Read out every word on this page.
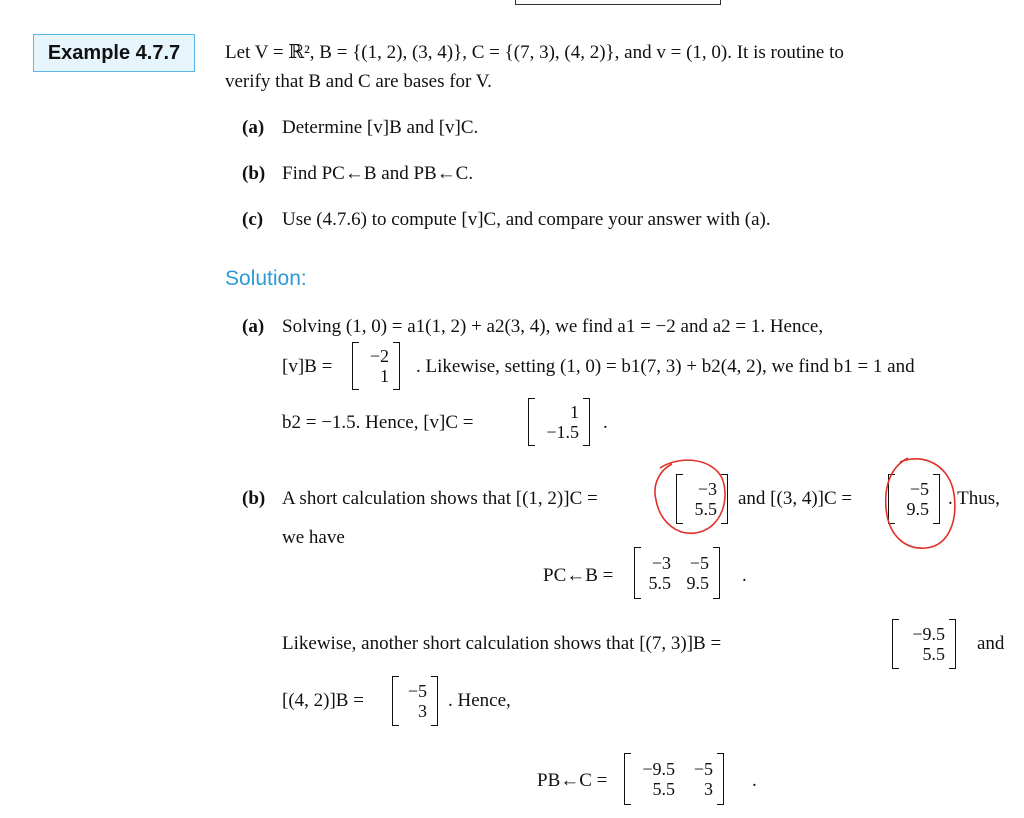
Example 4.7.7	Let V = ℝ², B = {(1, 2), (3, 4)}, C = {(7, 3), (4, 2)}, and v = (1, 0). It is routine to
verify that B and C are bases for V.
(a) Determine [v]B and [v]C.
(b) Find PC←B and PB←C.
(c) Use (4.7.6) to compute [v]C, and compare your answer with (a).
Solution:
(a) Solving (1, 0) = a1(1, 2) + a2(3, 4), we find a1 = −2 and a2 = 1. Hence,
[v]B =	−2
1 . Likewise, setting (1, 0) = b1(7, 3) + b2(4, 2), we find b1 = 1 and
b2 = −1.5. Hence, [v]C =	1
−1.5 .
(b) A short calculation shows that [(1, 2)]C =	−3
5.5 and [(3, 4)]C =	−5
9.5 . Thus,
we have
PC←B =
−3	−5
5.5 9.5 .
Likewise, another short calculation shows that [(7, 3)]B =	−9.5
5.5 and
[(4, 2)]B = −5
3 . Hence,
PB←C =
−9.5	−5
5.5	3 .
